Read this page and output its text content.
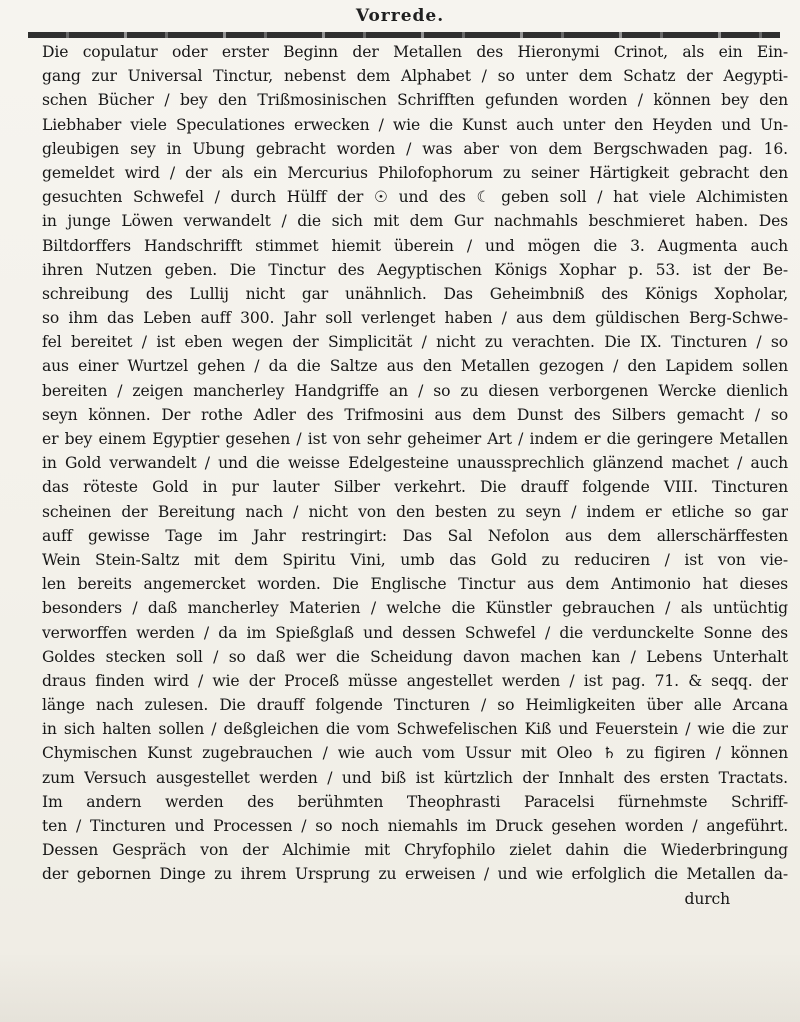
Vorrede.
Die copulatur oder erster Beginn der Metallen des Hieronymi Crinot, als ein Ein-
gang zur Universal Tinctur, nebenst dem Alphabet / so unter dem Schatz der Aegypti-
schen Bücher / bey den Trißmosinischen Schrifften gefunden worden / können bey den
Liebhaber viele Speculationes erwecken / wie die Kunst auch unter den Heyden und Un-
gleubigen sey in Ubung gebracht worden / was aber von dem Bergschwaden pag. 16.
gemeldet wird / der als ein Mercurius Philofophorum zu seiner Härtigkeit gebracht den
gesuchten Schwefel / durch Hülff der ☉ und des ☾ geben soll / hat viele Alchimisten
in junge Löwen verwandelt / die sich mit dem Gur nachmahls beschmieret haben. Des
Biltdorffers Handschrifft stimmet hiemit überein / und mögen die 3. Augmenta auch
ihren Nutzen geben. Die Tinctur des Aegyptischen Königs Xophar p. 53. ist der Be-
schreibung des Lullij nicht gar unähnlich. Das Geheimbniß des Königs Xopholar,
so ihm das Leben auff 300. Jahr soll verlenget haben / aus dem güldischen Berg-Schwe-
fel bereitet / ist eben wegen der Simplicität / nicht zu verachten. Die IX. Tincturen / so
aus einer Wurtzel gehen / da die Saltze aus den Metallen gezogen / den Lapidem sollen
bereiten / zeigen mancherley Handgriffe an / so zu diesen verborgenen Wercke dienlich
seyn können. Der rothe Adler des Trifmosini aus dem Dunst des Silbers gemacht / so
er bey einem Egyptier gesehen / ist von sehr geheimer Art / indem er die geringere Metallen
in Gold verwandelt / und die weisse Edelgesteine unaussprechlich glänzend machet / auch
das röteste Gold in pur lauter Silber verkehrt. Die drauff folgende VIII. Tincturen
scheinen der Bereitung nach / nicht von den besten zu seyn / indem er etliche so gar
auff gewisse Tage im Jahr restringirt: Das Sal Nefolon aus dem allerschärffesten
Wein Stein-Saltz mit dem Spiritu Vini, umb das Gold zu reduciren / ist von vie-
len bereits angemercket worden. Die Englische Tinctur aus dem Antimonio hat dieses
besonders / daß mancherley Materien / welche die Künstler gebrauchen / als untüchtig
verworffen werden / da im Spießglaß und dessen Schwefel / die verdunckelte Sonne des
Goldes stecken soll / so daß wer die Scheidung davon machen kan / Lebens Unterhalt
draus finden wird / wie der Proceß müsse angestellet werden / ist pag. 71. & seqq. der
länge nach zulesen. Die drauff folgende Tincturen / so Heimligkeiten über alle Arcana
in sich halten sollen / deßgleichen die vom Schwefelischen Kiß und Feuerstein / wie die zur
Chymischen Kunst zugebrauchen / wie auch vom Ussur mit Oleo ♄ zu figiren / können
zum Versuch ausgestellet werden / und biß ist kürtzlich der Innhalt des ersten Tractats.
Im andern werden des berühmten Theophrasti Paracelsi fürnehmste Schriff-
ten / Tincturen und Processen / so noch niemahls im Druck gesehen worden / angeführt.
Dessen Gespräch von der Alchimie mit Chryfophilo zielet dahin die Wiederbringung
der gebornen Dinge zu ihrem Ursprung zu erweisen / und wie erfolglich die Metallen da-
durch
